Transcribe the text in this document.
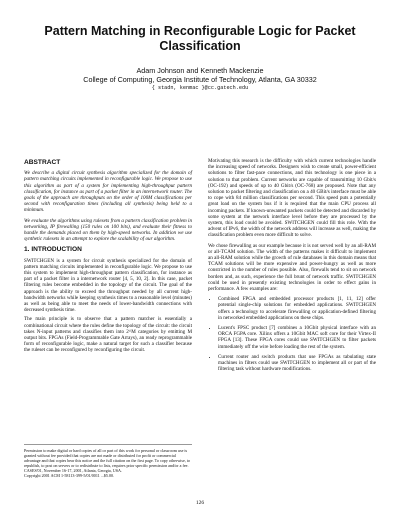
Pattern Matching in Reconfigurable Logic for Packet Classification
Adam Johnson and Kenneth Mackenzie
College of Computing, Georgia Institute of Technology, Atlanta, GA 30332
{ stadn, kenmac }@cc.gatech.edu
ABSTRACT

We describe a digital circuit synthesis algorithm specialized for the domain of pattern matching circuits implemented in reconfigurable logic. We propose to use this algorithm as part of a system for implementing high-throughput pattern classification, for instance as part of a packet filter in an internetwork router. The goals of the approach are throughputs on the order of 100M classifications per second with reconfiguration times (including all synthesis) being held to a minimum.

We evaluate the algorithms using rulesets from a pattern classification problem in networking, IP firewalling (150 rules on 100 bits), and evaluate their fitness to handle the demands placed on them by high-speed networks. In addition we use synthetic rulesets in an attempt to explore the scalability of our algorithm.

1. INTRODUCTION

SWITCHGEN is a system for circuit synthesis specialized for the domain of pattern matching circuits implemented in reconfigurable logic. We propose to use this system to implement high-throughput pattern classification, for instance as part of a packet filter in a internetwork router [4, 5, 10, 2]. In this case, packet filtering rules become embedded in the topology of the circuit. The goal of the approach is the ability to exceed the throughput needed by all current high-bandwidth networks while keeping synthesis times to a reasonable level (minutes) as well as being able to meet the needs of lower-bandwidth connections with decreased synthesis time.

The main principle is to observe that a pattern matcher is essentially a combinational circuit where the rules define the topology of the circuit: the circuit takes N-input patterns and classifies them into 2^M categories by emitting M output bits. FPGAs (Field-Programmable Gate Arrays), an ready reprogrammable form of reconfigurable logic, make a natural target for such a classifier because the ruleset can be reconfigured by reconfiguring the circuit.

Permission to make digital or hard copies of all or part of this work for personal or classroom use is granted without fee provided that copies are not made or distributed for profit or commercial advantage and that copies bear this notice and the full citation on the first page. To copy otherwise, to republish, to post on servers or to redistribute to lists, requires prior specific permission and/or a fee.
CASES'01, November 16-17, 2001, Atlanta, Georgia, USA.
Copyright 2001 ACM 1-58113-399-5/01/0011 ...$5.00.

Motivating this research is the difficulty with which current technologies handle the increasing speed of networks. Designers wish to create small, power-efficient solutions to filter fast-pace connections, and this technology is one piece in a solution to that problem. Current networks are capable of transmitting 10 Gbit/s (OC-192) and speeds of up to 40 Gbit/s (OC-768) are proposed. Note that any solution to packet filtering and classification on a 40 GBit/s interface must be able to cope with 84 million classifications per second. This speed puts a potentially great load on the system bus if it is required that the main CPU process all incoming packets. If known-unwanted packets could be detected and discarded by some system at the network interface level before they are processed by the system, this load could be avoided. SWITCHGEN could fill this role. With the advent of IPv6, the width of the network address will increase as well, making the classification problem even more difficult to solve.

We chose firewalling as our example because it is not served well by an all-RAM or all-TCAM solution. The width of the patterns makes it difficult to implement an all-RAM solution while the growth of rule databases in this domain means that TCAM solutions will be more expensive and power-hungry as well as more constricted in the number of rules possible. Also, firewalls tend to sit on network borders and, as such, experience the full brunt of network traffic. SWITCHGEN could be used in presently existing technologies in order to effect gains in performance. A few examples are:

• Combined FPGA and embedded processor products [1, 11, 12] offer potential single-chip solutions for embedded applications. SWITCHGEN offers a technology to accelerate firewalling or application-defined filtering in networked embedded applications on these chips.
• Lucent's FPSC product [7] combines a 10Gbit physical interface with an ORCA FGPA core. Xilinx offers a 10Gbit MAC soft core for their Virtex-II FPGA [13]. These FPGA cores could use SWITCHGEN to filter packets immediately off the wire before loading the rest of the system.
• Current router and switch products that use FPGAs as tabulating state machines in filters could use SWITCHGEN to implement all or part of the filtering task without hardware modifications.
126
